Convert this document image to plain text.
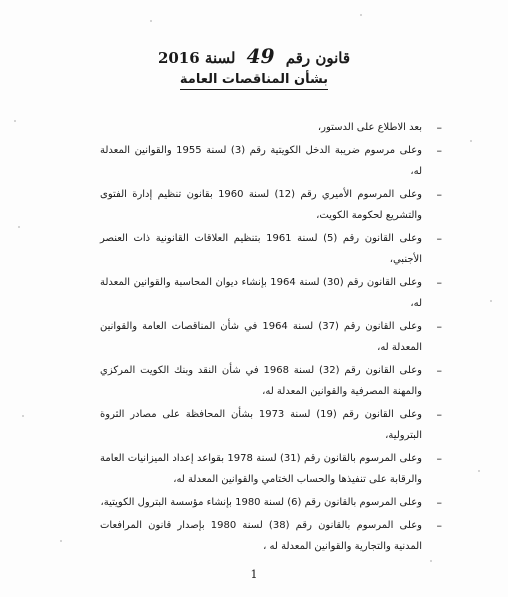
قانون رقم 49 لسنة 2016
بشأن المناقصات العامة
– بعد الاطلاع على الدستور،
– وعلى مرسوم ضريبة الدخل الكويتية رقم (3) لسنة 1955 والقوانين المعدلة له،
– وعلى المرسوم الأميري رقم (12) لسنة 1960 بقانون تنظيم إدارة الفتوى والتشريع لحكومة الكويت،
– وعلى القانون رقم (5) لسنة 1961 بتنظيم العلاقات القانونية ذات العنصر الأجنبي،
– وعلى القانون رقم (30) لسنة 1964 بإنشاء ديوان المحاسبة والقوانين المعدلة له،
– وعلى القانون رقم (37) لسنة 1964 في شأن المناقصات العامة والقوانين المعدلة له،
– وعلى القانون رقم (32) لسنة 1968 في شأن النقد وبنك الكويت المركزي والمهنة المصرفية والقوانين المعدلة له،
– وعلى القانون رقم (19) لسنة 1973 بشأن المحافظة على مصادر الثروة البترولية،
– وعلى المرسوم بالقانون رقم (31) لسنة 1978 بقواعد إعداد الميزانيات العامة والرقابة على تنفيذها والحساب الختامي والقوانين المعدلة له،
– وعلى المرسوم بالقانون رقم (6) لسنة 1980 بإنشاء مؤسسة البترول الكويتية،
– وعلى المرسوم بالقانون رقم (38) لسنة 1980 بإصدار قانون المرافعات المدنية والتجارية والقوانين المعدلة له ،
1
